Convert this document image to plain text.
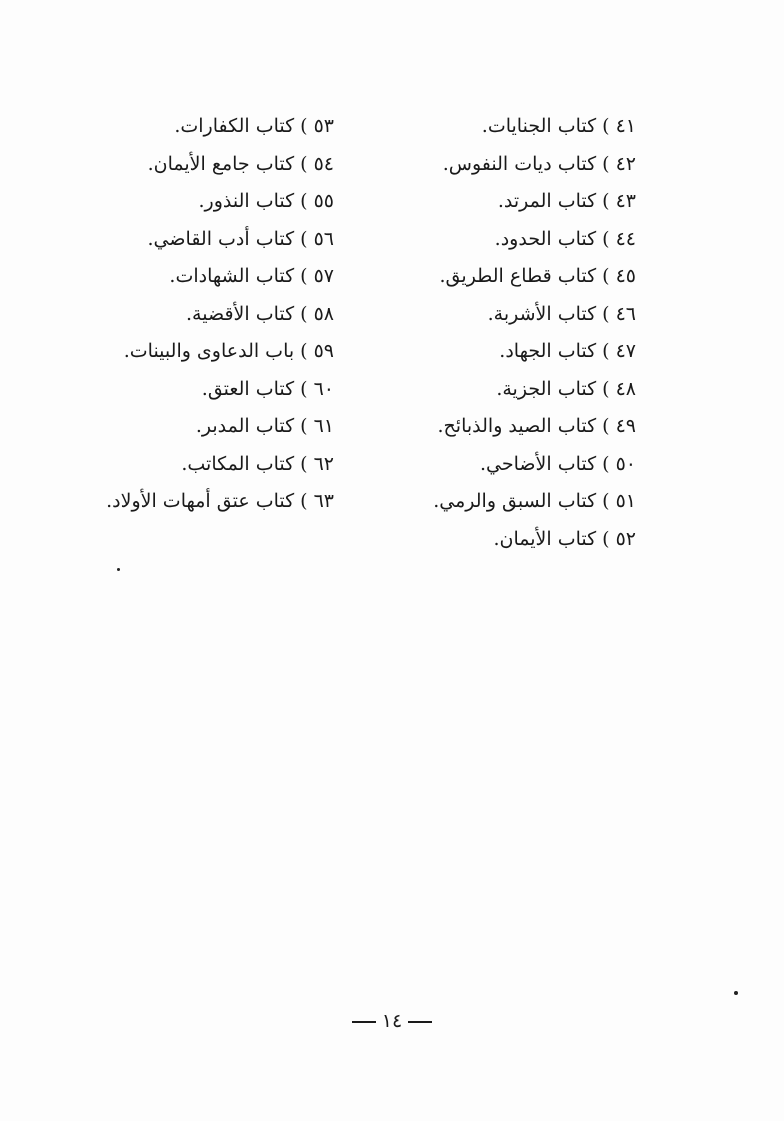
٤١)كتاب الجنايات.
٤٢)كتاب ديات النفوس.
٤٣)كتاب المرتد.
٤٤)كتاب الحدود.
٤٥)كتاب قطاع الطريق.
٤٦)كتاب الأشربة.
٤٧)كتاب الجهاد.
٤٨)كتاب الجزية.
٤٩)كتاب الصيد والذبائح.
٥٠)كتاب الأضاحي.
٥١)كتاب السبق والرمي.
٥٢)كتاب الأيمان.
٥٣)كتاب الكفارات.
٥٤)كتاب جامع الأيمان.
٥٥)كتاب النذور.
٥٦)كتاب أدب القاضي.
٥٧)كتاب الشهادات.
٥٨)كتاب الأقضية.
٥٩)باب الدعاوى والبينات.
٦٠)كتاب العتق.
٦١)كتاب المدبر.
٦٢)كتاب المكاتب.
٦٣)كتاب عتق أمهات الأولاد.
١٤
